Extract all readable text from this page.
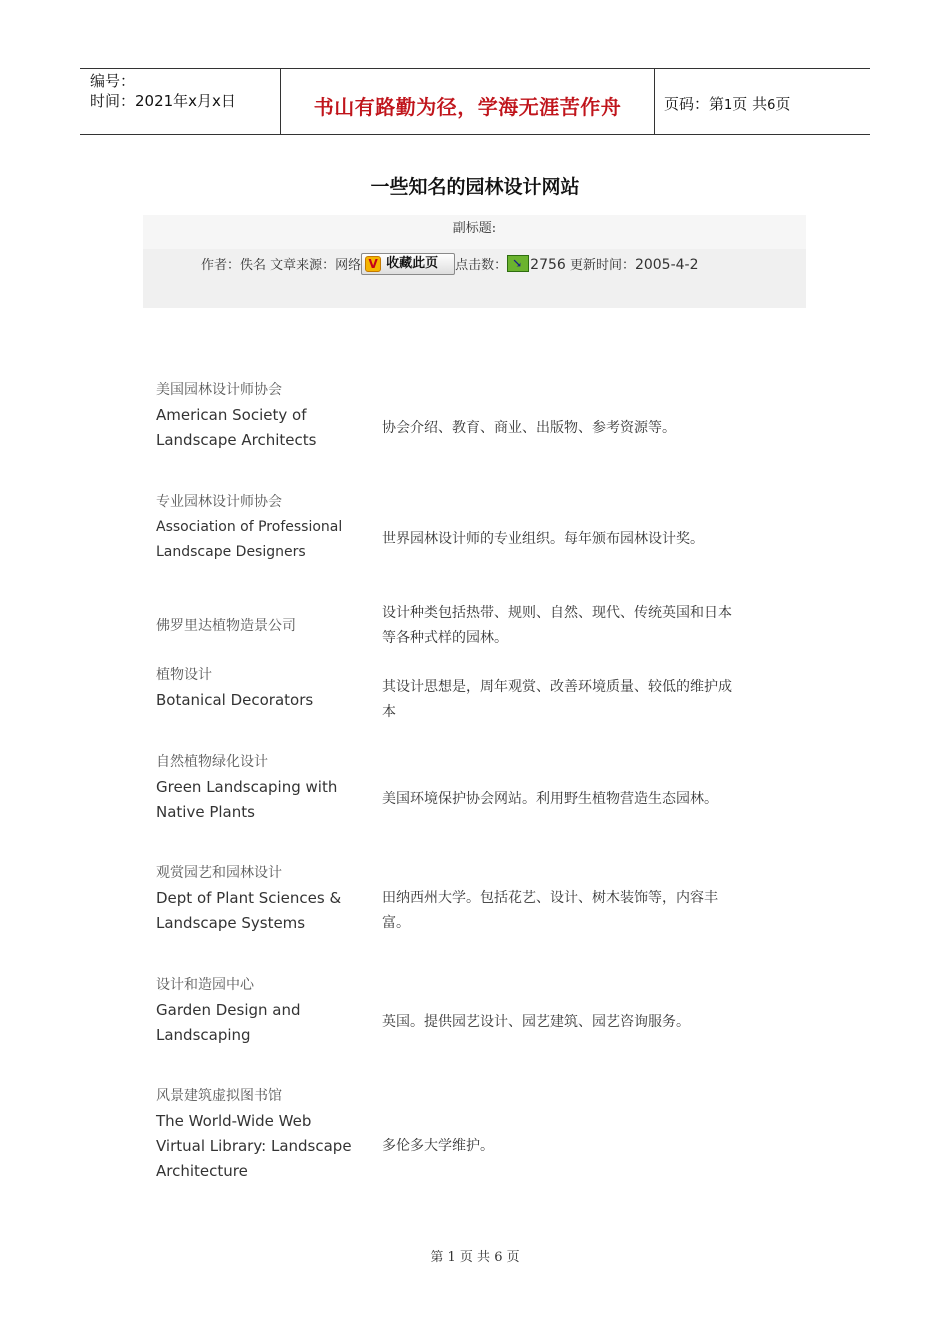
编号：
时间：2021年x月x日	书山有路勤为径，学海无涯苦作舟	页码：第1页 共6页
一些知名的园林设计网站
副标题:
作者：佚名 文章来源：网络 V 收藏此页 点击数： ↘ 2756 更新时间：2005-4-2
美国园林设计师协会
American Society of
Landscape Architects
协会介绍、教育、商业、出版物、参考资源等。
专业园林设计师协会
Association of Professional
Landscape Designers
世界园林设计师的专业组织。每年颁布园林设计奖。
佛罗里达植物造景公司
设计种类包括热带、规则、自然、现代、传统英国和日本
等各种式样的园林。
植物设计
Botanical Decorators
其设计思想是，周年观赏、改善环境质量、较低的维护成
本
自然植物绿化设计
Green Landscaping with
Native Plants
美国环境保护协会网站。利用野生植物营造生态园林。
观赏园艺和园林设计
Dept of Plant Sciences &
Landscape Systems
田纳西州大学。包括花艺、设计、树木装饰等，内容丰
富。
设计和造园中心
Garden Design and
Landscaping
英国。提供园艺设计、园艺建筑、园艺咨询服务。
风景建筑虚拟图书馆
The World-Wide Web
Virtual Library: Landscape
Architecture
多伦多大学维护。
第 1 页 共 6 页
